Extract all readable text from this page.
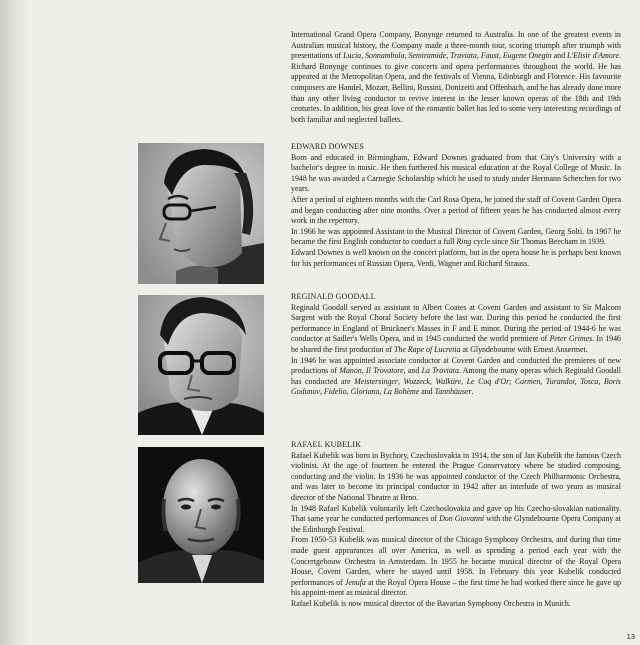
International Grand Opera Company, Bonynge returned to Australia. In one of the greatest events in Australian musical history, the Company made a three-month tour, scoring triumph after triumph with presentations of Lucia, Sonnambula, Semiramide, Traviata, Faust, Eugene Onegin and L'Elisir d'Amore.

Richard Bonynge continues to give concerts and opera performances throughout the world. He has appeared at the Metropolitan Opera, and the festivals of Vienna, Edinburgh and Florence. His favourite composers are Handel, Mozart, Bellini, Rossini, Donizetti and Offenbach, and he has already done more than any other living conductor to revive interest in the lesser known operas of the 18th and 19th centuries. In addition, his great love of the romantic ballet has led to some very interesting recordings of both familiar and neglected ballets.

EDWARD DOWNES

Born and educated in Birmingham, Edward Downes graduated from that City's University with a bachelor's degree in music. He then furthered his musical education at the Royal College of Music. In 1948 he was awarded a Carnegie Scholarship which he used to study under Hermann Scherchen for two years.

After a period of eighteen months with the Carl Rosa Opera, he joined the staff of Covent Garden Opera and began conducting after nine months. Over a period of fifteen years he has conducted almost every work in the repertory.

In 1966 he was appointed Assistant to the Musical Director of Covent Garden, Georg Solti. In 1967 he became the first English conductor to conduct a full Ring cycle since Sir Thomas Beecham in 1939.

Edward Downes is well known on the concert platform, but in the opera house he is perhaps best known for his performances of Russian Opera, Verdi, Wagner and Richard Strauss.

REGINALD GOODALL

Reginald Goodall served as assistant to Albert Coates at Covent Garden and assistant to Sir Malcom Sargent with the Royal Choral Society before the last war. During this period he conducted the first performance in England of Bruckner's Masses in F and E minor. During the period of 1944-6 he was conductor at Sadler's Wells Opera, and in 1945 conducted the world premiere of Peter Grimes. In 1946 he shared the first production of The Rape of Lucretia at Glyndebourne with Ernest Ansermet.

In 1946 he was appointed associate conductor at Covent Garden and conducted the premieres of new productions of Manon, Il Trovatore, and La Traviata. Among the many operas which Reginald Goodall has conducted are Meistersinger, Wozzeck, Walküre, Le Coq d'Or; Carmen, Turandot, Tosca, Boris Godunov, Fidelio, Gloriana, La Bohème and Tannhäuser.

RAFAEL KUBELIK

Rafael Kubelik was born in Bychory, Czechoslovakia in 1914, the son of Jan Kubelik the famous Czech violinist. At the age of fourteen he entered the Prague Conservatory where he studied composing, conducting and the violin. In 1936 he was appointed conductor of the Czech Philharmonic Orchestra, and was later to become its principal conductor in 1942 after an interlude of two years as musical director of the National Theatre at Brno.

In 1948 Rafael Kubelik voluntarily left Czechoslovakia and gave up his Czecho-slovakian nationality. That same year he conducted performances of Don Giovanni with the Glyndebourne Opera Company at the Edinburgh Festival.

From 1950-53 Kubelik was musical director of the Chicago Symphony Orchestra, and during that time made guest appearances all over America, as well as spending a period each year with the Concertgebouw Orchestra in Amsterdam. In 1955 he became musical director of the Royal Opera House, Covent Garden, where he stayed until 1958. In February this year Kubelik conducted performances of Jenufa at the Royal Opera House – the first time he had worked there since he gave up his appoint-ment as musical director.

Rafael Kubelik is now musical director of the Bavarian Symphony Orchestra in Munich.

13
